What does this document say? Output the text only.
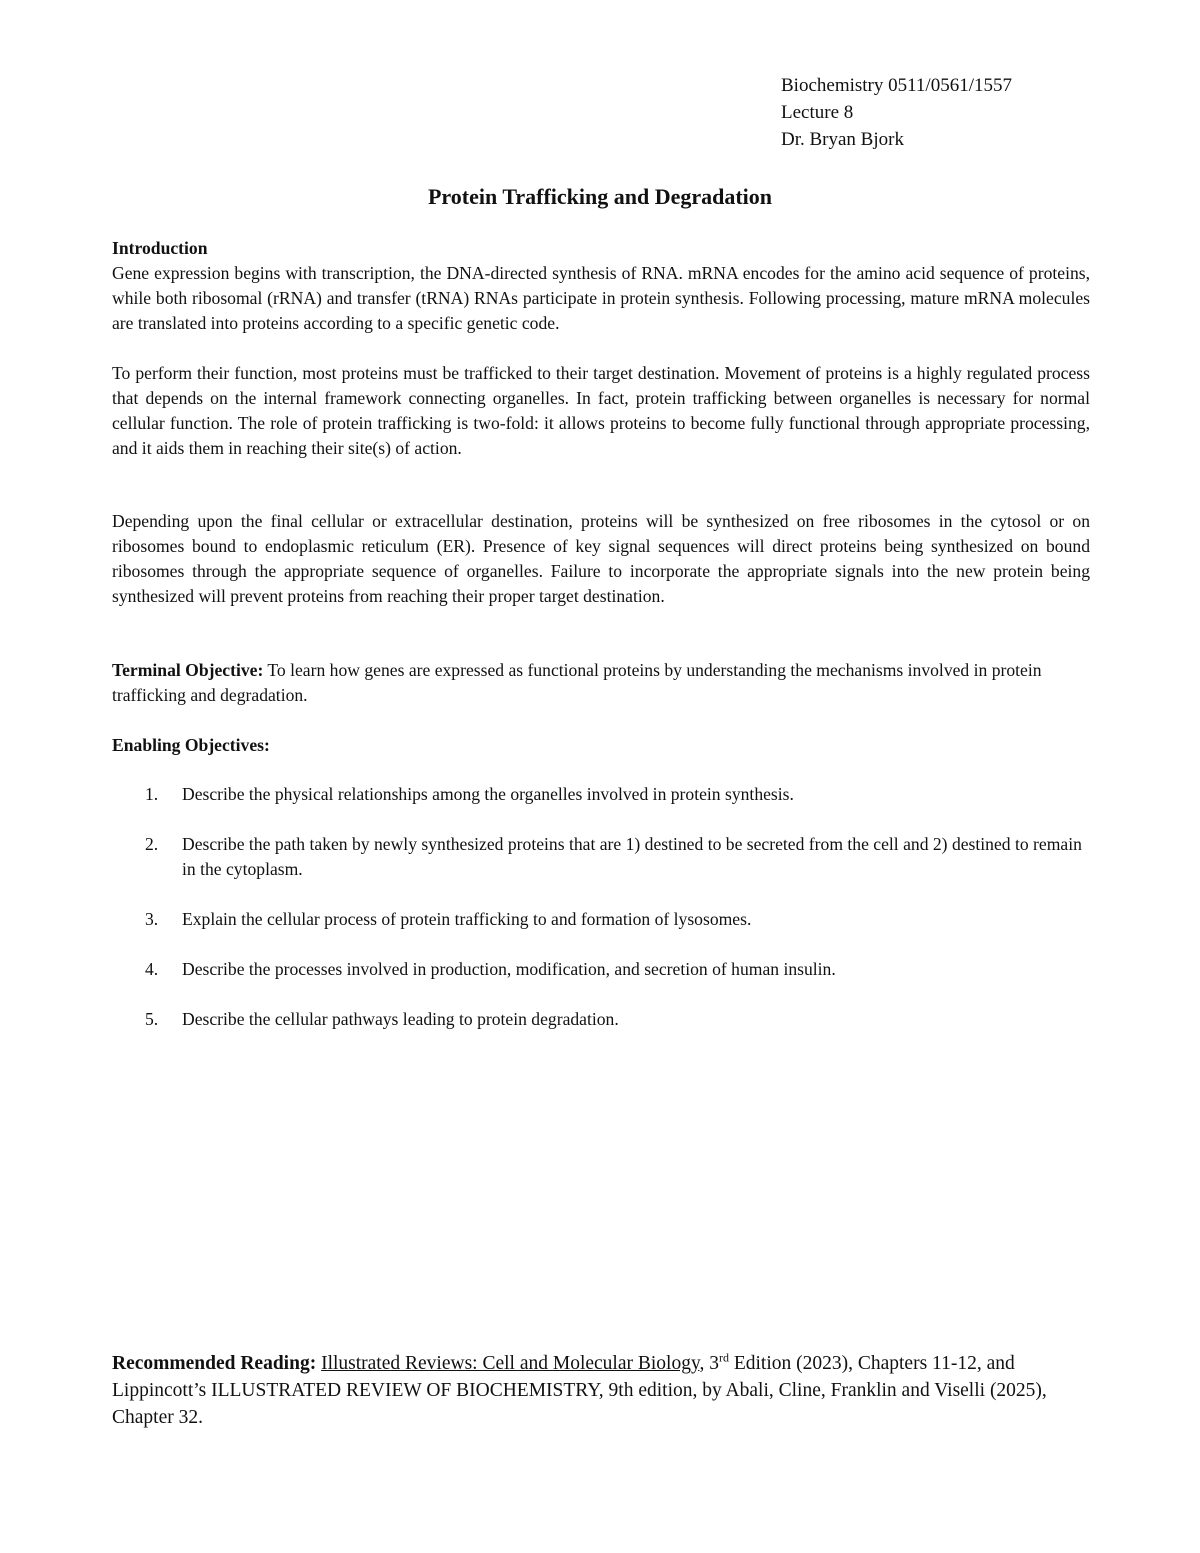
Biochemistry 0511/0561/1557
Lecture 8
Dr. Bryan Bjork
Protein Trafficking and Degradation
Introduction
Gene expression begins with transcription, the DNA-directed synthesis of RNA. mRNA encodes for the amino acid sequence of proteins, while both ribosomal (rRNA) and transfer (tRNA) RNAs participate in protein synthesis. Following processing, mature mRNA molecules are translated into proteins according to a specific genetic code.
To perform their function, most proteins must be trafficked to their target destination. Movement of proteins is a highly regulated process that depends on the internal framework connecting organelles. In fact, protein trafficking between organelles is necessary for normal cellular function. The role of protein trafficking is two-fold: it allows proteins to become fully functional through appropriate processing, and it aids them in reaching their site(s) of action.
Depending upon the final cellular or extracellular destination, proteins will be synthesized on free ribosomes in the cytosol or on ribosomes bound to endoplasmic reticulum (ER). Presence of key signal sequences will direct proteins being synthesized on bound ribosomes through the appropriate sequence of organelles. Failure to incorporate the appropriate signals into the new protein being synthesized will prevent proteins from reaching their proper target destination.
Terminal Objective: To learn how genes are expressed as functional proteins by understanding the mechanisms involved in protein trafficking and degradation.
Enabling Objectives:
1. Describe the physical relationships among the organelles involved in protein synthesis.
2. Describe the path taken by newly synthesized proteins that are 1) destined to be secreted from the cell and 2) destined to remain in the cytoplasm.
3. Explain the cellular process of protein trafficking to and formation of lysosomes.
4. Describe the processes involved in production, modification, and secretion of human insulin.
5. Describe the cellular pathways leading to protein degradation.
Recommended Reading: Illustrated Reviews: Cell and Molecular Biology, 3rd Edition (2023), Chapters 11-12, and Lippincott’s ILLUSTRATED REVIEW OF BIOCHEMISTRY, 9th edition, by Abali, Cline, Franklin and Viselli (2025), Chapter 32.
